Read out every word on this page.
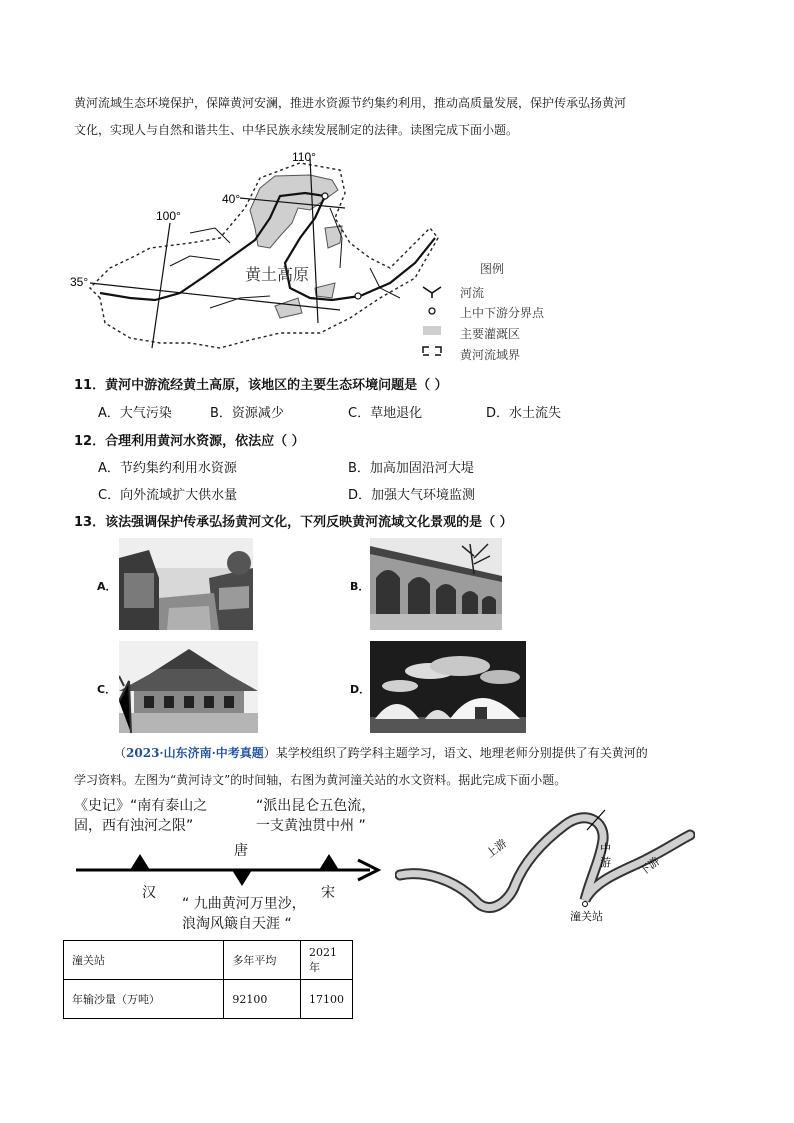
黄河流域生态环境保护，保障黄河安澜，推进水资源节约集约利用，推动高质量发展，保护传承弘扬黄河
文化，实现人与自然和谐共生、中华民族永续发展制定的法律。读图完成下面小题。
110°
40°
100°
35°	黄土高原	图例
河流
上中下游分界点
主要灌溉区
黄河流域界
11．黄河中游流经黄土高原，该地区的主要生态环境问题是（ ）
A．大气污染	B．资源减少	C．草地退化	D．水土流失
12．合理利用黄河水资源，依法应（ ）
A．节约集约利用水资源	B．加高加固沿河大堤
C．向外流域扩大供水量	D．加强大气环境监测
13．该法强调保护传承弘扬黄河文化，下列反映黄河流域文化景观的是（ ）
A．	B．
C．	D．
（2023·山东济南·中考真题）某学校组织了跨学科主题学习，语文、地理老师分别提供了有关黄河的
学习资料。左图为“黄河诗文”的时间轴，右图为黄河潼关站的水文资料。据此完成下面小题。
《史记》“南有泰山之
固，西有浊河之限”
“派出昆仑五色流，
一支黄浊贯中州 ”
“ 九曲黄河万里沙，
浪淘风簸自天涯 “
汉
唐
宋
上游	中
游 下游
潼关站
潼关站	多年平均	2021 年
年输沙量（万吨）	92100	17100
